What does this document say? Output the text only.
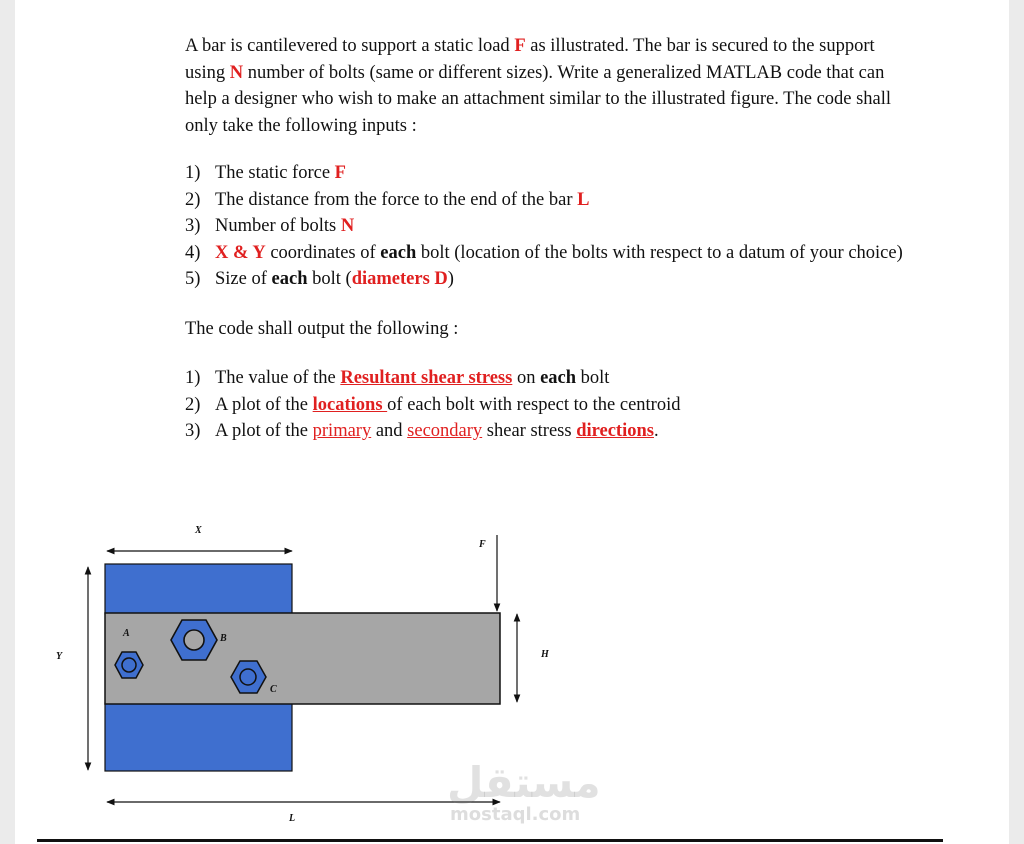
A bar is cantilevered to support a static load F as illustrated. The bar is secured to the support using N number of bolts (same or different sizes). Write a generalized MATLAB code that can help a designer who wish to make an attachment similar to the illustrated figure. The code shall only take the following inputs :

1) The static force F
2) The distance from the force to the end of the bar L
3) Number of bolts N
4) X & Y coordinates of each bolt (location of the bolts with respect to a datum of your choice)
5) Size of each bolt (diameters D)

The code shall output the following :

1) The value of the Resultant shear stress on each bolt
2) A plot of the locations of each bolt with respect to the centroid
3) A plot of the primary and secondary shear stress directions.
X
Y
F
H
L
A	B
C
مستقل
mostaql.com
